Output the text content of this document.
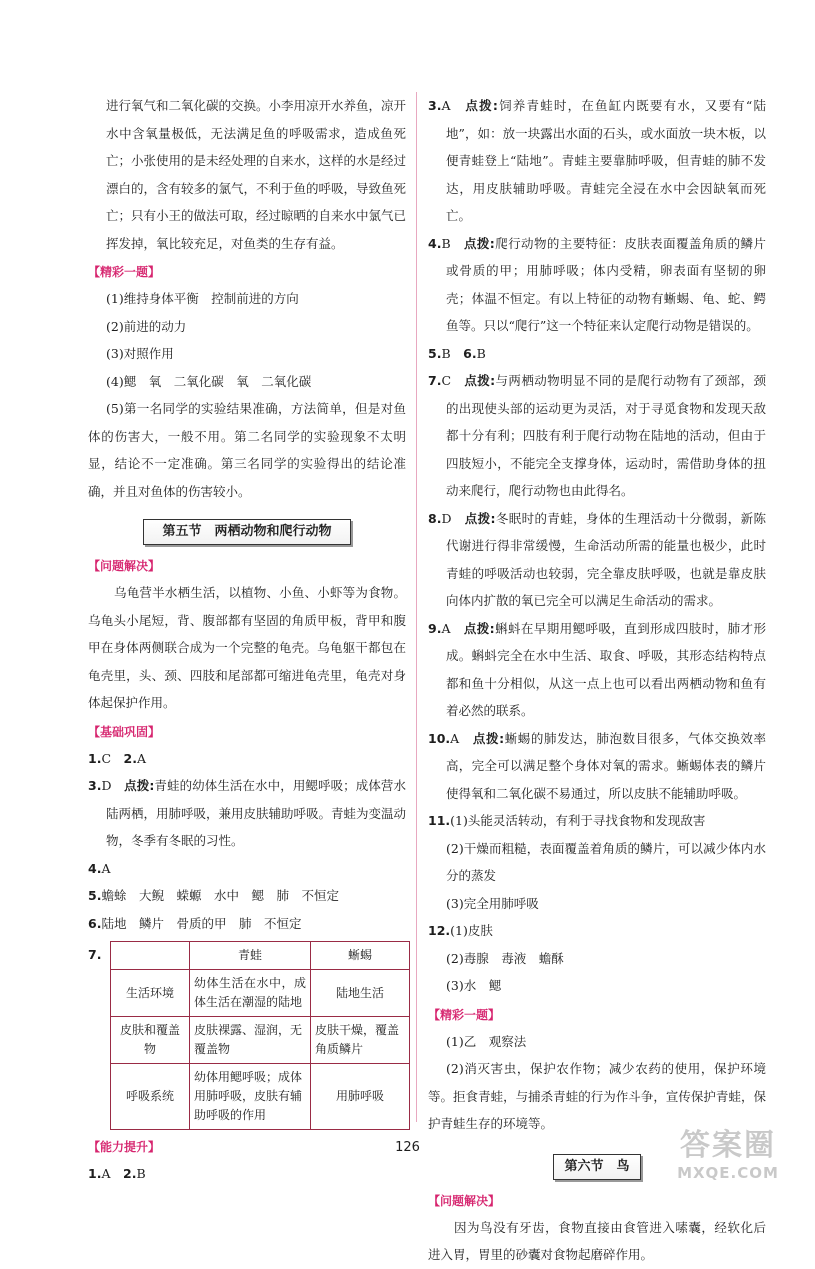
进行氧气和二氧化碳的交换。小李用凉开水养鱼，凉开水中含氧量极低，无法满足鱼的呼吸需求，造成鱼死亡；小张使用的是未经处理的自来水，这样的水是经过漂白的，含有较多的氯气，不利于鱼的呼吸，导致鱼死亡；只有小王的做法可取，经过晾晒的自来水中氯气已挥发掉，氧比较充足，对鱼类的生存有益。

【精彩一题】

(1)维持身体平衡　控制前进的方向

(2)前进的动力

(3)对照作用

(4)鳃　氧　二氧化碳　氧　二氧化碳

(5)第一名同学的实验结果准确，方法简单，但是对鱼体的伤害大，一般不用。第二名同学的实验现象不太明显，结论不一定准确。第三名同学的实验得出的结论准确，并且对鱼体的伤害较小。

第五节　两栖动物和爬行动物
【问题解决】

乌龟营半水栖生活，以植物、小鱼、小虾等为食物。乌龟头小尾短，背、腹部都有坚固的角质甲板，背甲和腹甲在身体两侧联合成为一个完整的龟壳。乌龟躯干都包在龟壳里，头、颈、四肢和尾部都可缩进龟壳里，龟壳对身体起保护作用。

【基础巩固】

1.C　 2.A

3.D　 点拨:青蛙的幼体生活在水中，用鳃呼吸；成体营水陆两栖，用肺呼吸，兼用皮肤辅助呼吸。青蛙为变温动物，冬季有冬眠的习性。

4.A

5.蟾蜍　大鲵　蝾螈　水中　鳃　肺　不恒定

6.陆地　鳞片　骨质的甲　肺　不恒定

7.
		青蛙	蜥蜴
生活环境	幼体生活在水中，成体生活在潮湿的陆地	陆地生活
皮肤和覆盖物	皮肤裸露、湿润，无覆盖物	皮肤干燥，覆盖角质鳞片
呼吸系统	幼体用鳃呼吸；成体用肺呼吸，皮肤有辅助呼吸的作用	用肺呼吸
【能力提升】

1.A　 2.B

3.A　 点拨:饲养青蛙时，在鱼缸内既要有水，又要有“陆地”，如：放一块露出水面的石头，或水面放一块木板，以便青蛙登上“陆地”。青蛙主要靠肺呼吸，但青蛙的肺不发达，用皮肤辅助呼吸。青蛙完全浸在水中会因缺氧而死亡。

4.B　 点拨:爬行动物的主要特征：皮肤表面覆盖角质的鳞片或骨质的甲；用肺呼吸；体内受精，卵表面有坚韧的卵壳；体温不恒定。有以上特征的动物有蜥蜴、龟、蛇、鳄鱼等。只以“爬行”这一个特征来认定爬行动物是错误的。

5.B　 6.B

7.C　 点拨:与两栖动物明显不同的是爬行动物有了颈部，颈的出现使头部的运动更为灵活，对于寻觅食物和发现天敌都十分有利；四肢有利于爬行动物在陆地的活动，但由于四肢短小，不能完全支撑身体，运动时，需借助身体的扭动来爬行，爬行动物也由此得名。

8.D　 点拨:冬眠时的青蛙，身体的生理活动十分微弱，新陈代谢进行得非常缓慢，生命活动所需的能量也极少，此时青蛙的呼吸活动也较弱，完全靠皮肤呼吸，也就是靠皮肤向体内扩散的氧已完全可以满足生命活动的需求。

9.A　 点拨:蝌蚪在早期用鳃呼吸，直到形成四肢时，肺才形成。蝌蚪完全在水中生活、取食、呼吸，其形态结构特点都和鱼十分相似，从这一点上也可以看出两栖动物和鱼有着必然的联系。

10.A　 点拨:蜥蜴的肺发达，肺泡数目很多，气体交换效率高，完全可以满足整个身体对氧的需求。蜥蜴体表的鳞片使得氧和二氧化碳不易通过，所以皮肤不能辅助呼吸。

11.(1)头能灵活转动，有利于寻找食物和发现敌害

(2)干燥而粗糙，表面覆盖着角质的鳞片，可以减少体内水分的蒸发

(3)完全用肺呼吸

12.(1)皮肤

(2)毒腺　毒液　蟾酥

(3)水　鳃

【精彩一题】

(1)乙　观察法

(2)消灭害虫，保护农作物；减少农药的使用，保护环境等。拒食青蛙，与捕杀青蛙的行为作斗争，宣传保护青蛙，保护青蛙生存的环境等。

第六节　鸟
【问题解决】

因为鸟没有牙齿，食物直接由食管进入嗉囊，经软化后进入胃，胃里的砂囊对食物起磨碎作用。

126	答案圈
MXQE.COM
